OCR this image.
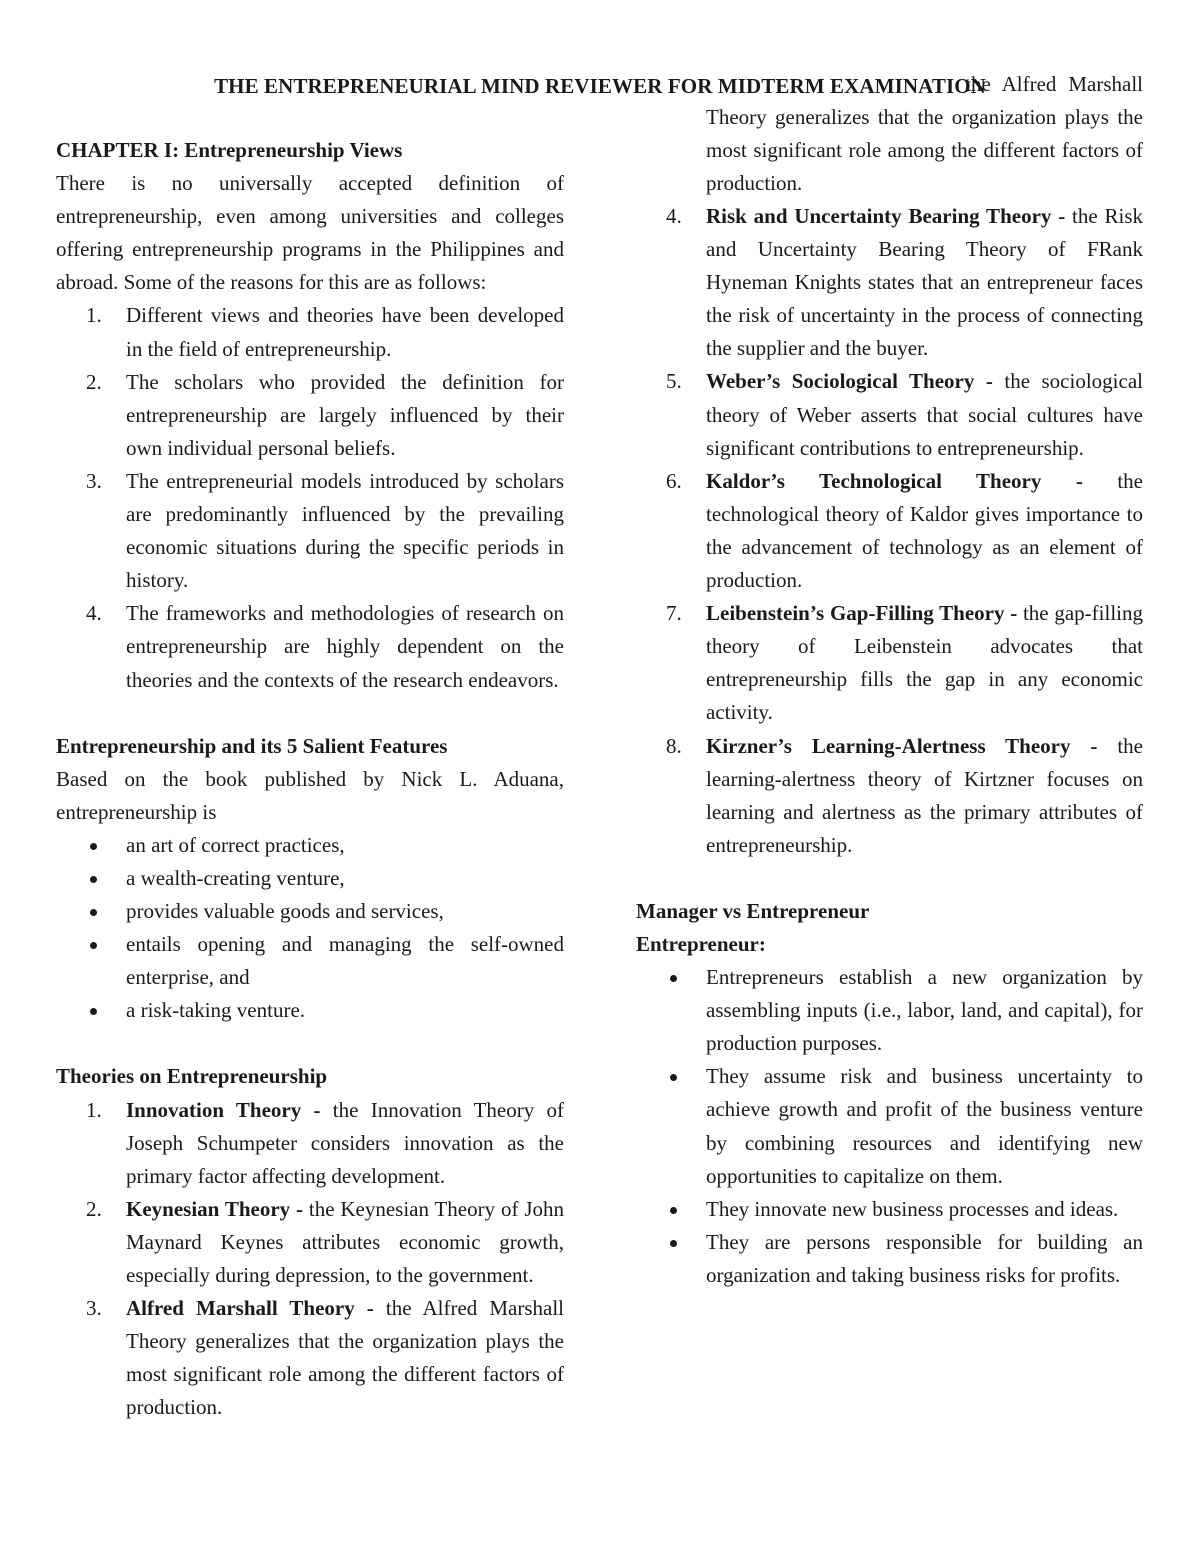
THE ENTREPRENEURIAL MIND REVIEWER FOR MIDTERM EXAMINATION

CHAPTER I: Entrepreneurship Views

There is no universally accepted definition of entrepreneurship, even among universities and colleges offering entrepreneurship programs in the Philippines and abroad. Some of the reasons for this are as follows:

1.	Different views and theories have been developed in the field of entrepreneurship.
2.	The scholars who provided the definition for entrepreneurship are largely influenced by their own individual personal beliefs.
3.	The entrepreneurial models introduced by scholars are predominantly influenced by the prevailing economic situations during the specific periods in history.
4.	The frameworks and methodologies of research on entrepreneurship are highly dependent on the theories and the contexts of the research endeavors.

Entrepreneurship and its 5 Salient Features

Based on the book published by Nick L. Aduana, entrepreneurship is

an art of correct practices,
a wealth-creating venture,
provides valuable goods and services,
entails opening and managing the self-owned enterprise, and
a risk-taking venture.

Theories on Entrepreneurship

1.	Innovation Theory - the Innovation Theory of Joseph Schumpeter considers innovation as the primary factor affecting development.
2.	Keynesian Theory - the Keynesian Theory of John Maynard Keynes attributes economic growth, especially during depression, to the government.
3.	Alfred Marshall Theory - the Alfred Marshall Theory generalizes that the organization plays the most significant role among the different factors of production.
the Alfred Marshall Theory generalizes that the organization plays the most significant role among the different factors of production.
4.	Risk and Uncertainty Bearing Theory - the Risk and Uncertainty Bearing Theory of FRank Hyneman Knights states that an entrepreneur faces the risk of uncertainty in the process of connecting the supplier and the buyer.
5.	Weber’s Sociological Theory - the sociological theory of Weber asserts that social cultures have significant contributions to entrepreneurship.
6.	Kaldor’s Technological Theory - the technological theory of Kaldor gives importance to the advancement of technology as an element of production.
7.	Leibenstein’s Gap-Filling Theory - the gap-filling theory of Leibenstein advocates that entrepreneurship fills the gap in any economic activity.
8.	Kirzner’s Learning-Alertness Theory - the learning-alertness theory of Kirtzner focuses on learning and alertness as the primary attributes of entrepreneurship.

Manager vs Entrepreneur

Entrepreneur:

Entrepreneurs establish a new organization by assembling inputs (i.e., labor, land, and capital), for production purposes.
They assume risk and business uncertainty to achieve growth and profit of the business venture by combining resources and identifying new opportunities to capitalize on them.
They innovate new business processes and ideas.
They are persons responsible for building an organization and taking business risks for profits.
